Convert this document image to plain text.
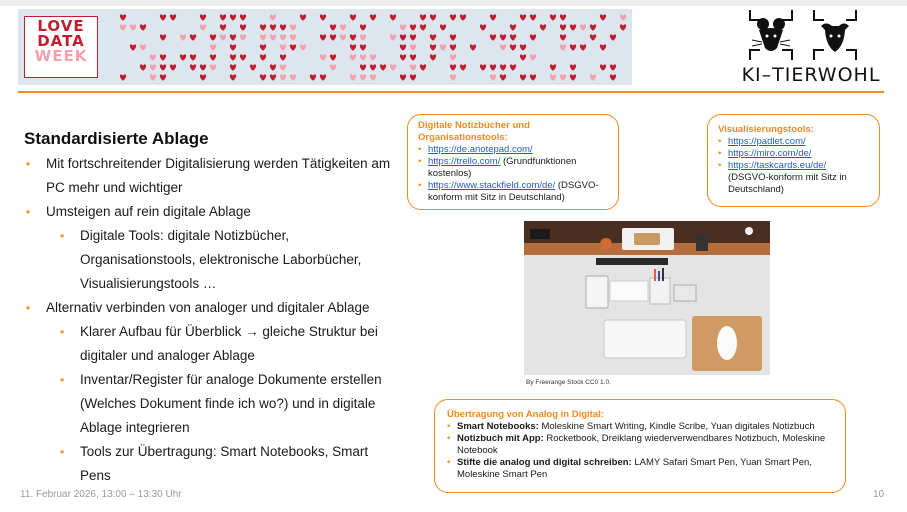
LOVE
DATA
WEEK
KI–TIERWOHL
Standardisierte Ablage
• Mit fortschreitender Digitalisierung werden Tätigkeiten am PC mehr und wichtiger
• Umsteigen auf rein digitale Ablage
• Digitale Tools: digitale Notizbücher, Organisationstools, elektronische Laborbücher, Visualisierungstools …
• Alternativ verbinden von analoger und digitaler Ablage
• Klarer Aufbau für Überblick → gleiche Struktur bei digitaler und analoger Ablage
• Inventar/Register für analoge Dokumente erstellen (Welches Dokument finde ich wo?) und in digitale Ablage integrieren
• Tools zur Übertragung: Smart Notebooks, Smart Pens
Digitale Notizbücher und Organisationstools:
• https://de.anotepad.com/
• https://trello.com/ (Grundfunktionen kostenlos)
• https://www.stackfield.com/de/ (DSGVO-konform mit Sitz in Deutschland)
Visualisierungstools:
• https://padlet.com/
• https://miro.com/de/
• https://taskcards.eu/de/ (DSGVO-konform mit Sitz in Deutschland)
By Freerange Stock CC0 1.0.
Übertragung von Analog in Digital:
• Smart Notebooks: Moleskine Smart Writing, Kindle Scribe, Yuan digitales Notizbuch
• Notizbuch mit App: Rocketbook, Dreiklang wiederverwendbares Notizbuch, Moleskine Notebook
• Stifte die analog und digital schreiben: LAMY Safari Smart Pen, Yuan Smart Pen, Moleskine Smart Pen
11. Februar 2026, 13:00 – 13:30 Uhr	10
